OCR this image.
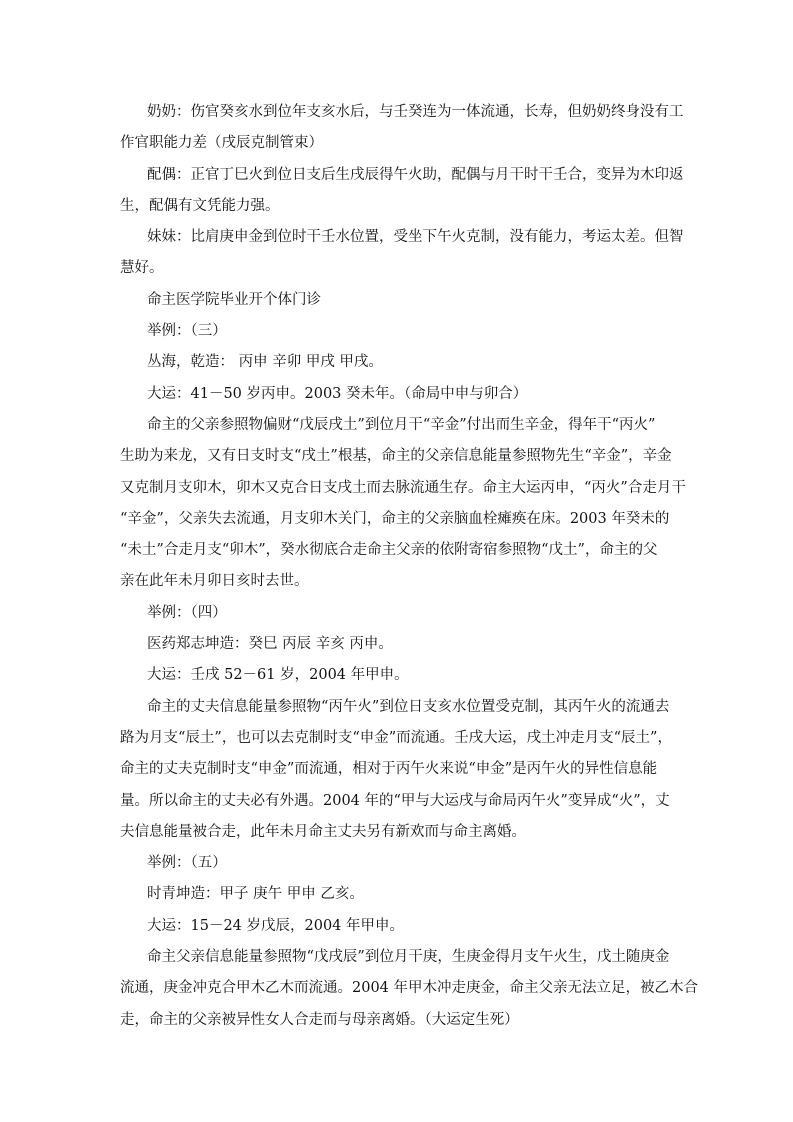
奶奶：伤官癸亥水到位年支亥水后，与壬癸连为一体流通，长寿，但奶奶终身没有工
作官职能力差（戌辰克制管束）

配偶：正官丁巳火到位日支后生戌辰得午火助，配偶与月干时干壬合，变异为木印返
生，配偶有文凭能力强。

妹妹：比肩庚申金到位时干壬水位置，受坐下午火克制，没有能力，考运太差。但智
慧好。

命主医学院毕业开个体门诊

举例：（三）

丛海，乾造： 丙申 辛卯 甲戌 甲戌。

大运：41－50 岁丙申。2003 癸未年。（命局中申与卯合）

命主的父亲参照物偏财“戊辰戌土”到位月干“辛金”付出而生辛金，得年干“丙火”
生助为来龙，又有日支时支“戌土”根基，命主的父亲信息能量参照物先生“辛金”，辛金
又克制月支卯木，卯木又克合日支戌土而去脉流通生存。命主大运丙申，“丙火”合走月干
“辛金”，父亲失去流通，月支卯木关门，命主的父亲脑血栓瘫痪在床。2003 年癸未的
“未土”合走月支“卯木”，癸水彻底合走命主父亲的依附寄宿参照物“戊土”，命主的父
亲在此年未月卯日亥时去世。

举例：（四）

医药郑志坤造：癸巳 丙辰 辛亥 丙申。

大运：壬戌 52－61 岁，2004 年甲申。

命主的丈夫信息能量参照物“丙午火”到位日支亥水位置受克制，其丙午火的流通去
路为月支“辰土”，也可以去克制时支“申金”而流通。壬戌大运，戌土冲走月支“辰土”，
命主的丈夫克制时支“申金”而流通，相对于丙午火来说“申金”是丙午火的异性信息能
量。所以命主的丈夫必有外遇。2004 年的“甲与大运戌与命局丙午火”变异成“火”，丈
夫信息能量被合走，此年未月命主丈夫另有新欢而与命主离婚。

举例：（五）

时青坤造：甲子 庚午 甲申 乙亥。

大运：15－24 岁戊辰，2004 年甲申。

命主父亲信息能量参照物“戊戌辰”到位月干庚，生庚金得月支午火生，戊土随庚金
流通，庚金冲克合甲木乙木而流通。2004 年甲木冲走庚金，命主父亲无法立足，被乙木合
走，命主的父亲被异性女人合走而与母亲离婚。（大运定生死）
